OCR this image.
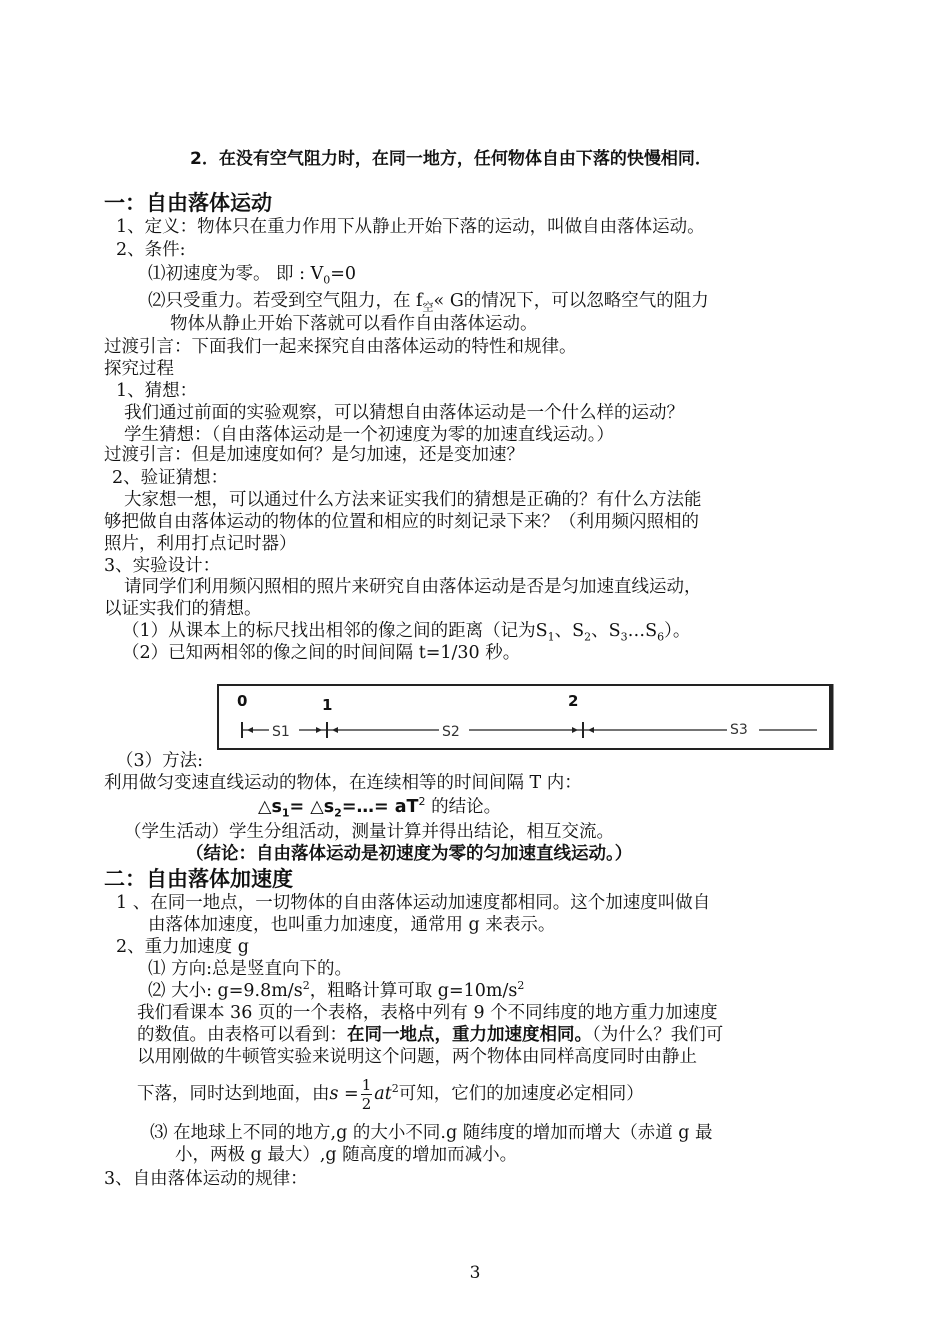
2．在没有空气阻力时，在同一地方，任何物体自由下落的快慢相同．
一：自由落体运动
1、定义：物体只在重力作用下从静止开始下落的运动，叫做自由落体运动。
2、条件:
⑴初速度为零。 即 : $V_0=0$
⑵只受重力。若受到空气阻力，在 $f_空«$ G的情况下，可以忽略空气的阻力
物体从静止开始下落就可以看作自由落体运动。
过渡引言：下面我们一起来探究自由落体运动的特性和规律。
探究过程
1、猜想：
我们通过前面的实验观察，可以猜想自由落体运动是一个什么样的运动？
学生猜想：（自由落体运动是一个初速度为零的加速直线运动。）
过渡引言：但是加速度如何？是匀加速，还是变加速？
2、验证猜想：
大家想一想，可以通过什么方法来证实我们的猜想是正确的？有什么方法能
够把做自由落体运动的物体的位置和相应的时刻记录下来？（利用频闪照相的
照片，利用打点记时器）
3、实验设计：
请同学们利用频闪照相的照片来研究自由落体运动是否是匀加速直线运动，
以证实我们的猜想。
（1）从课本上的标尺找出相邻的像之间的距离（记为$S_1$、$S_2$、$S_3\dots S_6$）。
（2）已知两相邻的像之间的时间间隔 t=1/30 秒。
0	1	2
S1	S2	S3
（3）方法:
利用做匀变速直线运动的物体，在连续相等的时间间隔 T 内：
$\triangle s_1=$ $\triangle s_2=\dots= aT^2$ 的结论。
（学生活动）学生分组活动，测量计算并得出结论，相互交流。
（结论：自由落体运动是初速度为零的匀加速直线运动。）
二：自由落体加速度
1 、在同一地点，一切物体的自由落体运动加速度都相同。这个加速度叫做自
由落体加速度，也叫重力加速度，通常用 g 来表示。
2、重力加速度 g
⑴ 方向:总是竖直向下的。
⑵ 大小: $g=9.8m/s^2$，粗略计算可取 $g=10m/s^2$
我们看课本 36 页的一个表格，表格中列有 9 个不同纬度的地方重力加速度
的数值。由表格可以看到：在同一地点，重力加速度相同。（为什么？我们可
以用刚做的牛顿管实验来说明这个问题，两个物体由同样高度同时由静止
下落，同时达到地面，由$s = \frac{1}{2} at^2$可知，它们的加速度必定相同）
⑶ 在地球上不同的地方,g 的大小不同.g 随纬度的增加而增大（赤道 g 最
小，两极 g 最大）,g 随高度的增加而减小。
3、自由落体运动的规律：
3
